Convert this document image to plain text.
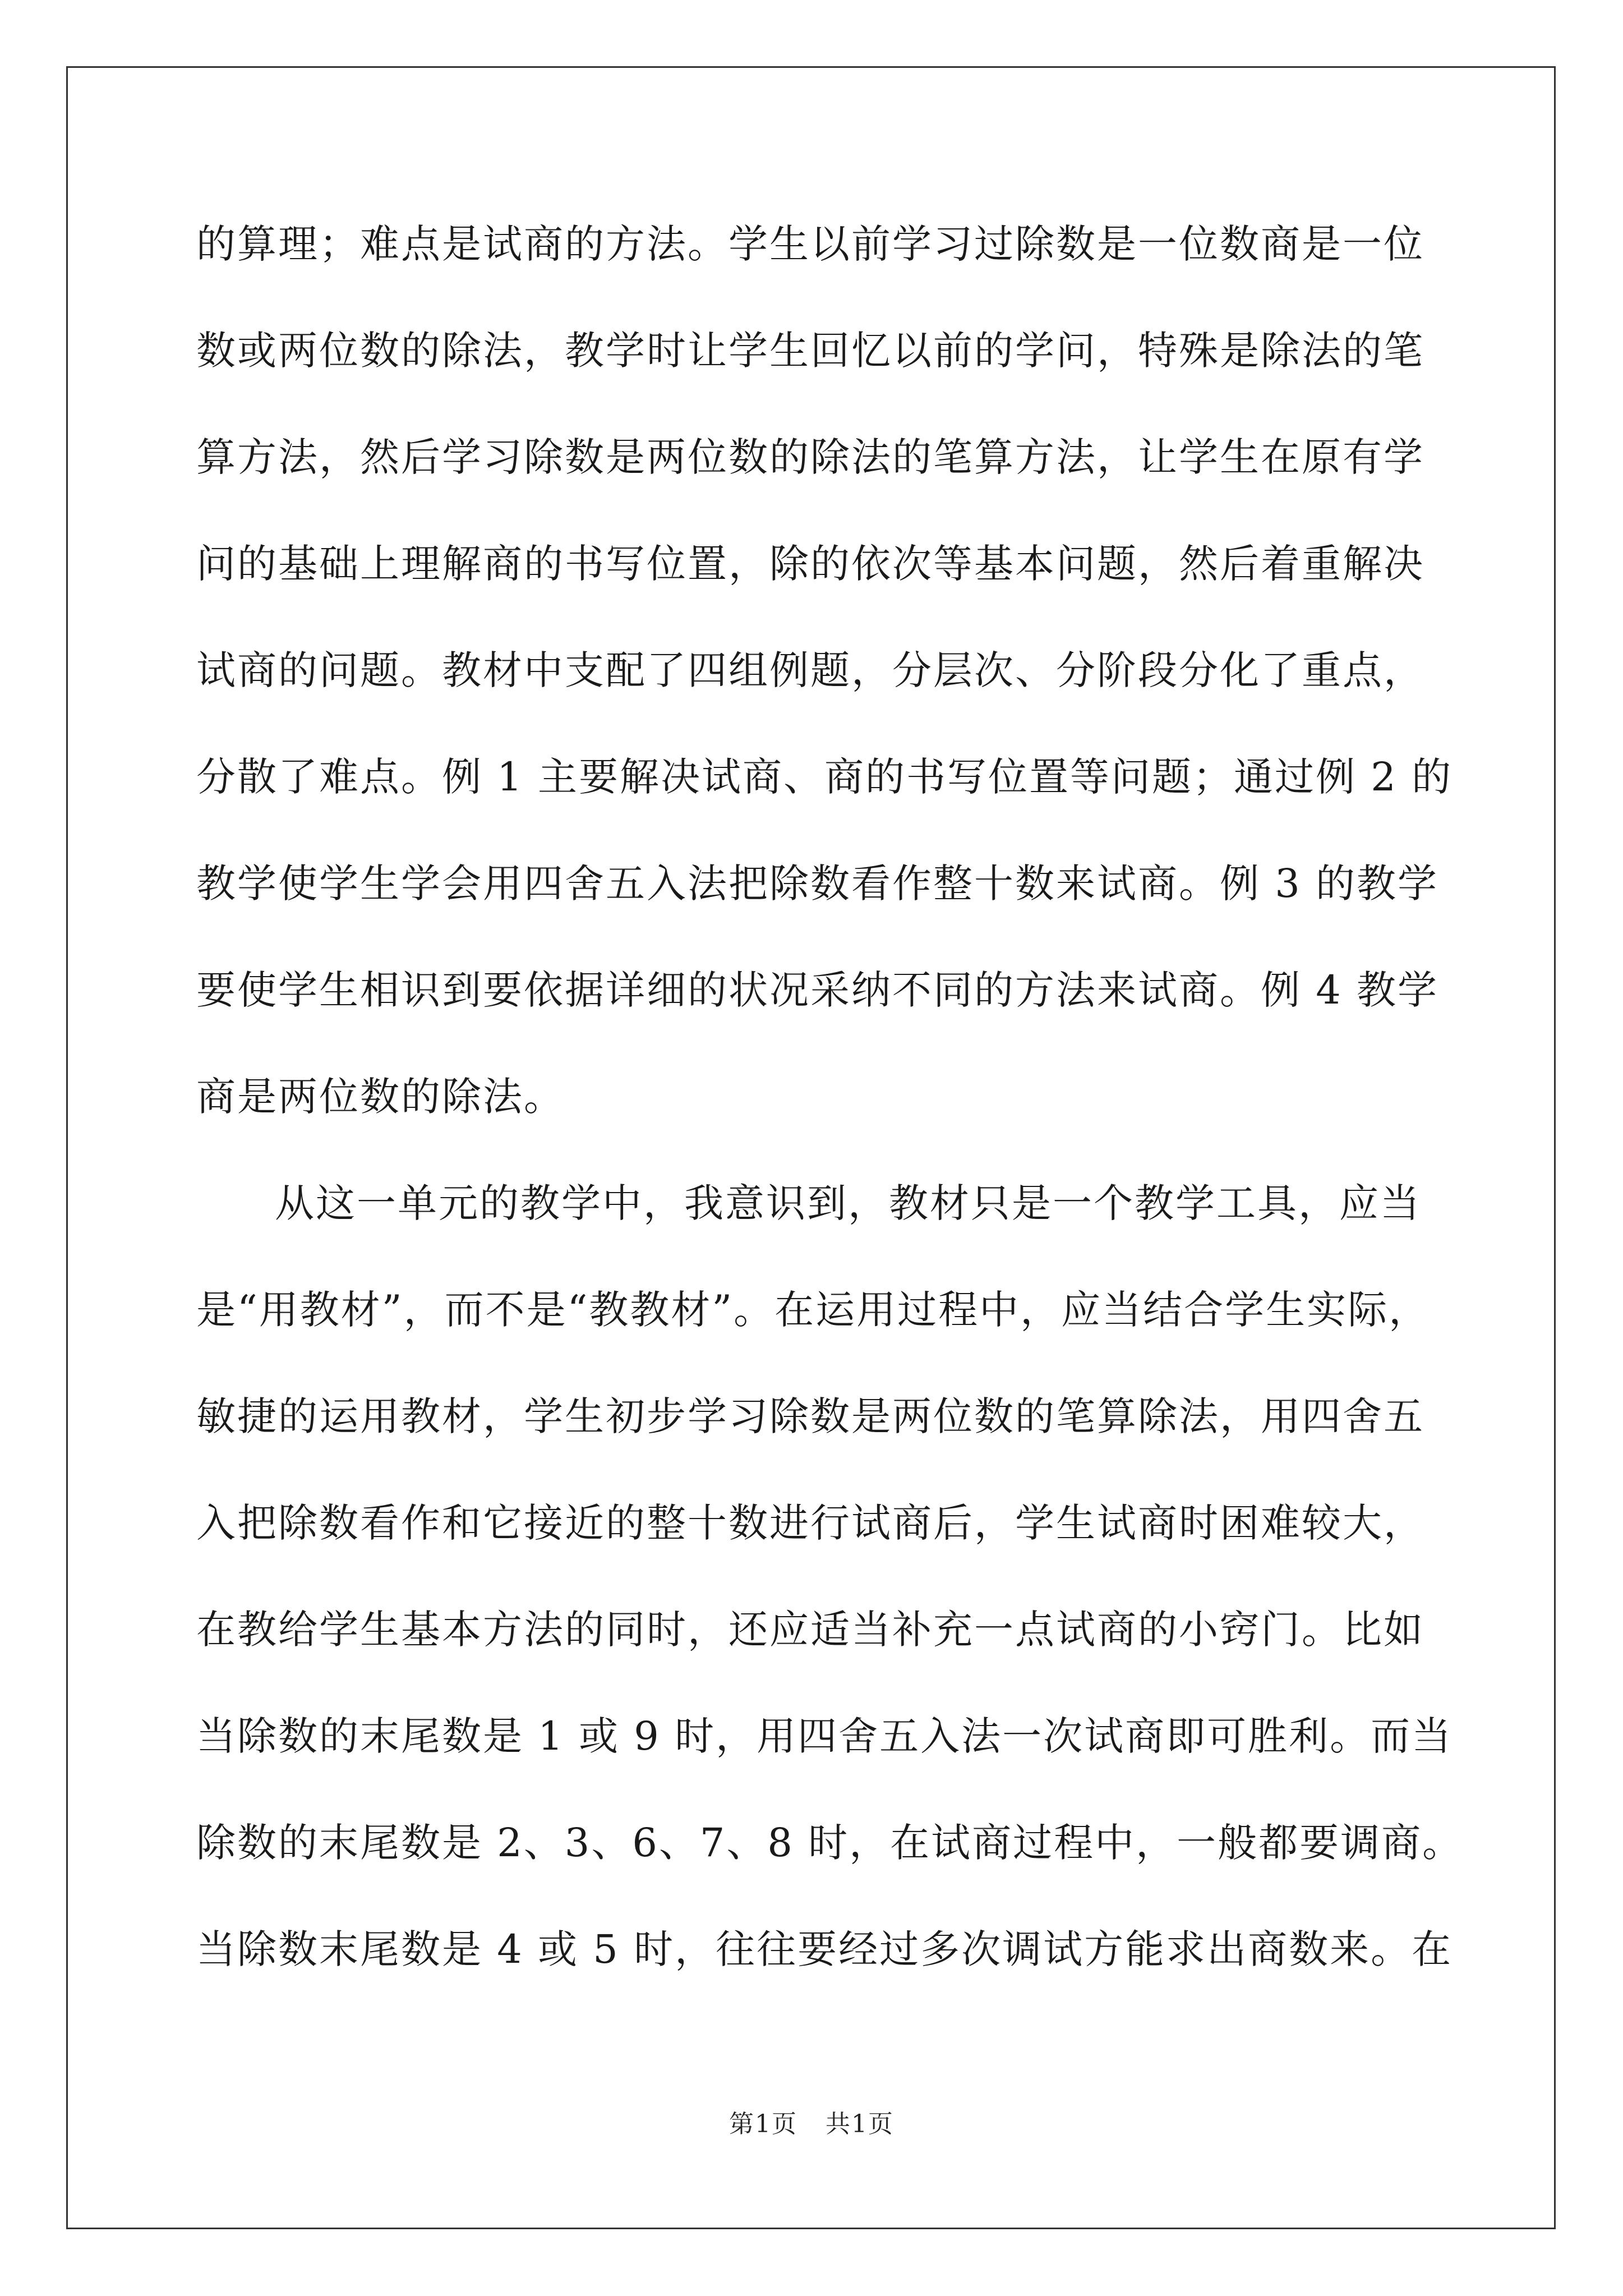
的算理；难点是试商的方法。学生以前学习过除数是一位数商是一位
数或两位数的除法，教学时让学生回忆以前的学问，特殊是除法的笔
算方法，然后学习除数是两位数的除法的笔算方法，让学生在原有学
问的基础上理解商的书写位置，除的依次等基本问题，然后着重解决
试商的问题。教材中支配了四组例题，分层次、分阶段分化了重点，
分散了难点。例 1 主要解决试商、商的书写位置等问题；通过例 2 的
教学使学生学会用四舍五入法把除数看作整十数来试商。例 3 的教学
要使学生相识到要依据详细的状况采纳不同的方法来试商。例 4 教学
商是两位数的除法。
从这一单元的教学中，我意识到，教材只是一个教学工具，应当
是“用教材”，而不是“教教材”。在运用过程中，应当结合学生实际，
敏捷的运用教材，学生初步学习除数是两位数的笔算除法，用四舍五
入把除数看作和它接近的整十数进行试商后，学生试商时困难较大，
在教给学生基本方法的同时，还应适当补充一点试商的小窍门。比如
当除数的末尾数是 1 或 9 时，用四舍五入法一次试商即可胜利。而当
除数的末尾数是 2、3、6、7、8 时，在试商过程中，一般都要调商。
当除数末尾数是 4 或 5 时，往往要经过多次调试方能求出商数来。在
第1页 共1页
